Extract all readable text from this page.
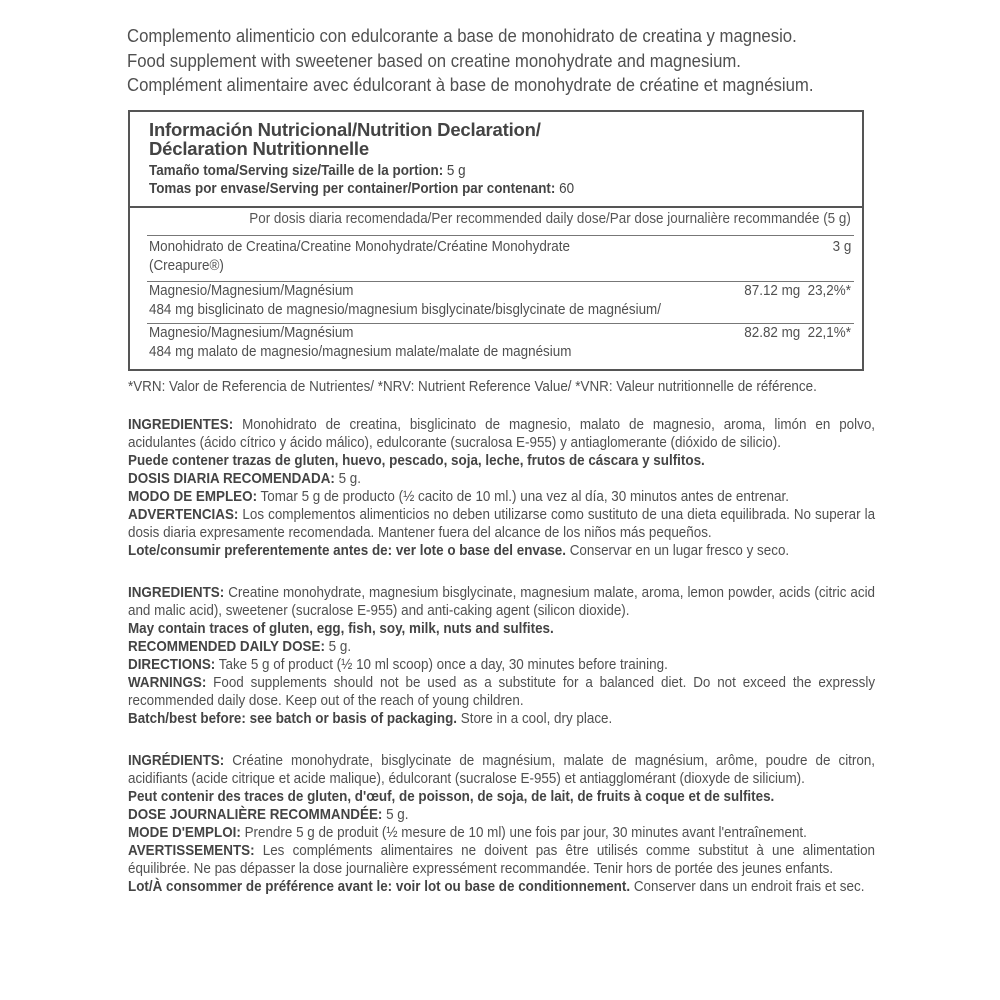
Complemento alimenticio con edulcorante a base de monohidrato de creatina y magnesio.
Food supplement with sweetener based on creatine monohydrate and magnesium.
Complément alimentaire avec édulcorant à base de monohydrate de créatine et magnésium.
Información Nutricional/Nutrition Declaration/
Déclaration Nutritionnelle
Tamaño toma/Serving size/Taille de la portion: 5 g
Tomas por envase/Serving per container/Portion par contenant: 60
Por dosis diaria recomendada/Per recommended daily dose/Par dose journalière recommandée (5 g)
Monohidrato de Creatina/Creatine Monohydrate/Créatine Monohydrate
(Creapure®)
3 g
Magnesio/Magnesium/Magnésium
484 mg bisglicinato de magnesio/magnesium bisglycinate/bisglycinate de magnésium/
87.12 mg 23,2%*
Magnesio/Magnesium/Magnésium
484 mg malato de magnesio/magnesium malate/malate de magnésium
82.82 mg 22,1%*
*VRN: Valor de Referencia de Nutrientes/ *NRV: Nutrient Reference Value/ *VNR: Valeur nutritionnelle de référence.

INGREDIENTES: Monohidrato de creatina, bisglicinato de magnesio, malato de magnesio, aroma, limón en polvo, acidulantes (ácido cítrico y ácido málico), edulcorante (sucralosa E-955) y antiaglomerante (dióxido de silicio).

Puede contener trazas de gluten, huevo, pescado, soja, leche, frutos de cáscara y sulfitos.

DOSIS DIARIA RECOMENDADA: 5 g.

MODO DE EMPLEO: Tomar 5 g de producto (½ cacito de 10 ml.) una vez al día, 30 minutos antes de entrenar.

ADVERTENCIAS: Los complementos alimenticios no deben utilizarse como sustituto de una dieta equilibrada. No superar la dosis diaria expresamente recomendada. Mantener fuera del alcance de los niños más pequeños.

Lote/consumir preferentemente antes de: ver lote o base del envase. Conservar en un lugar fresco y seco.

INGREDIENTS: Creatine monohydrate, magnesium bisglycinate, magnesium malate, aroma, lemon powder, acids (citric acid and malic acid), sweetener (sucralose E-955) and anti-caking agent (silicon dioxide).

May contain traces of gluten, egg, fish, soy, milk, nuts and sulfites.

RECOMMENDED DAILY DOSE: 5 g.

DIRECTIONS: Take 5 g of product (½ 10 ml scoop) once a day, 30 minutes before training.

WARNINGS: Food supplements should not be used as a substitute for a balanced diet. Do not exceed the expressly recommended daily dose. Keep out of the reach of young children.

Batch/best before: see batch or basis of packaging. Store in a cool, dry place.

INGRÉDIENTS: Créatine monohydrate, bisglycinate de magnésium, malate de magnésium, arôme, poudre de citron, acidifiants (acide citrique et acide malique), édulcorant (sucralose E-955) et antiagglomérant (dioxyde de silicium).

Peut contenir des traces de gluten, d'œuf, de poisson, de soja, de lait, de fruits à coque et de sulfites.

DOSE JOURNALIÈRE RECOMMANDÉE: 5 g.

MODE D'EMPLOI: Prendre 5 g de produit (½ mesure de 10 ml) une fois par jour, 30 minutes avant l'entraînement.

AVERTISSEMENTS: Les compléments alimentaires ne doivent pas être utilisés comme substitut à une alimentation équilibrée. Ne pas dépasser la dose journalière expressément recommandée. Tenir hors de portée des jeunes enfants.

Lot/À consommer de préférence avant le: voir lot ou base de conditionnement. Conserver dans un endroit frais et sec.
